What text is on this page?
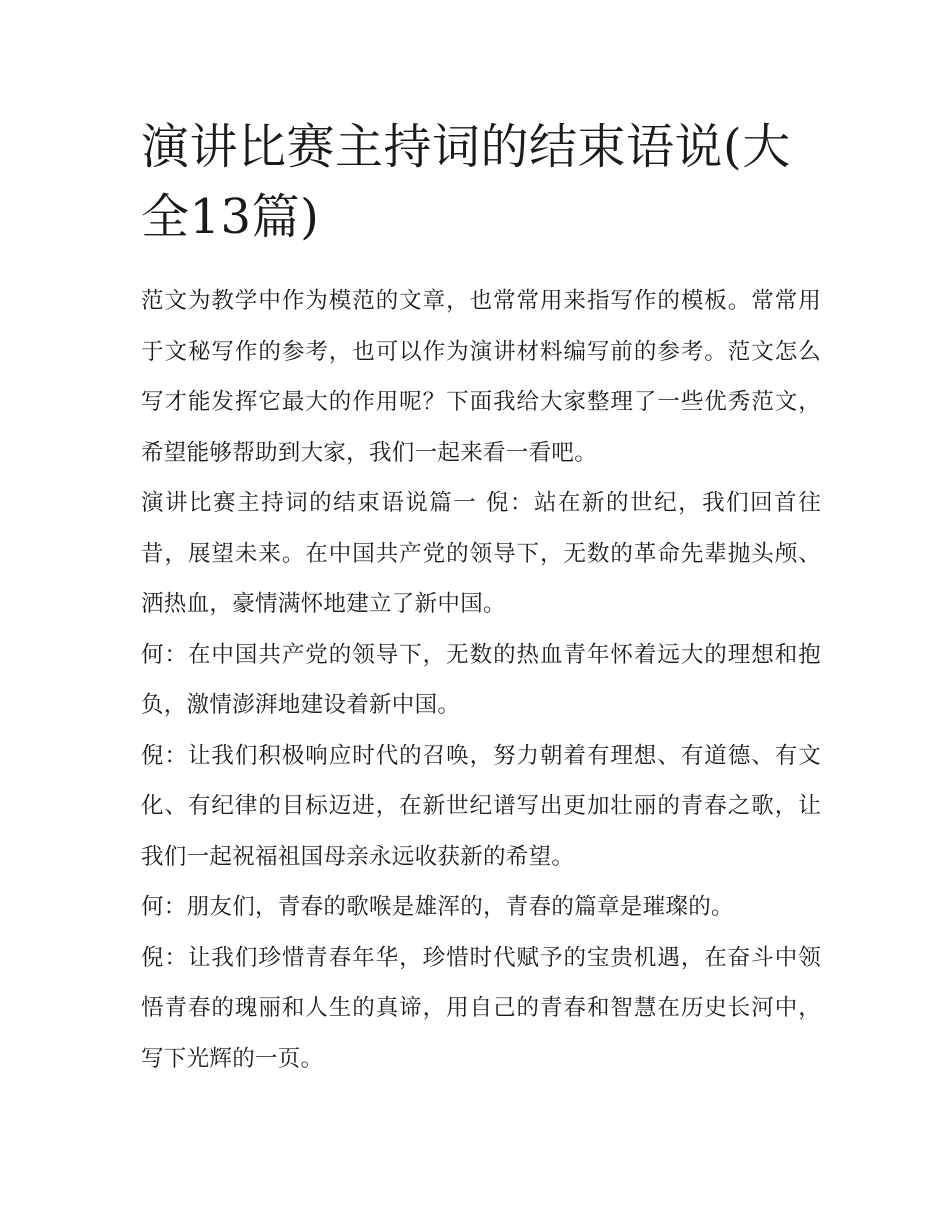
演讲比赛主持词的结束语说(大全13篇)

范文为教学中作为模范的文章，也常常用来指写作的模板。常常用于文秘写作的参考，也可以作为演讲材料编写前的参考。范文怎么写才能发挥它最大的作用呢？下面我给大家整理了一些优秀范文，希望能够帮助到大家，我们一起来看一看吧。

演讲比赛主持词的结束语说篇一 倪：站在新的世纪，我们回首往昔，展望未来。在中国共产党的领导下，无数的革命先辈抛头颅、洒热血，豪情满怀地建立了新中国。

何：在中国共产党的领导下，无数的热血青年怀着远大的理想和抱负，激情澎湃地建设着新中国。

倪：让我们积极响应时代的召唤，努力朝着有理想、有道德、有文化、有纪律的目标迈进，在新世纪谱写出更加壮丽的青春之歌，让我们一起祝福祖国母亲永远收获新的希望。

何：朋友们，青春的歌喉是雄浑的，青春的篇章是璀璨的。

倪：让我们珍惜青春年华，珍惜时代赋予的宝贵机遇，在奋斗中领悟青春的瑰丽和人生的真谛，用自己的青春和智慧在历史长河中，写下光辉的一页。
